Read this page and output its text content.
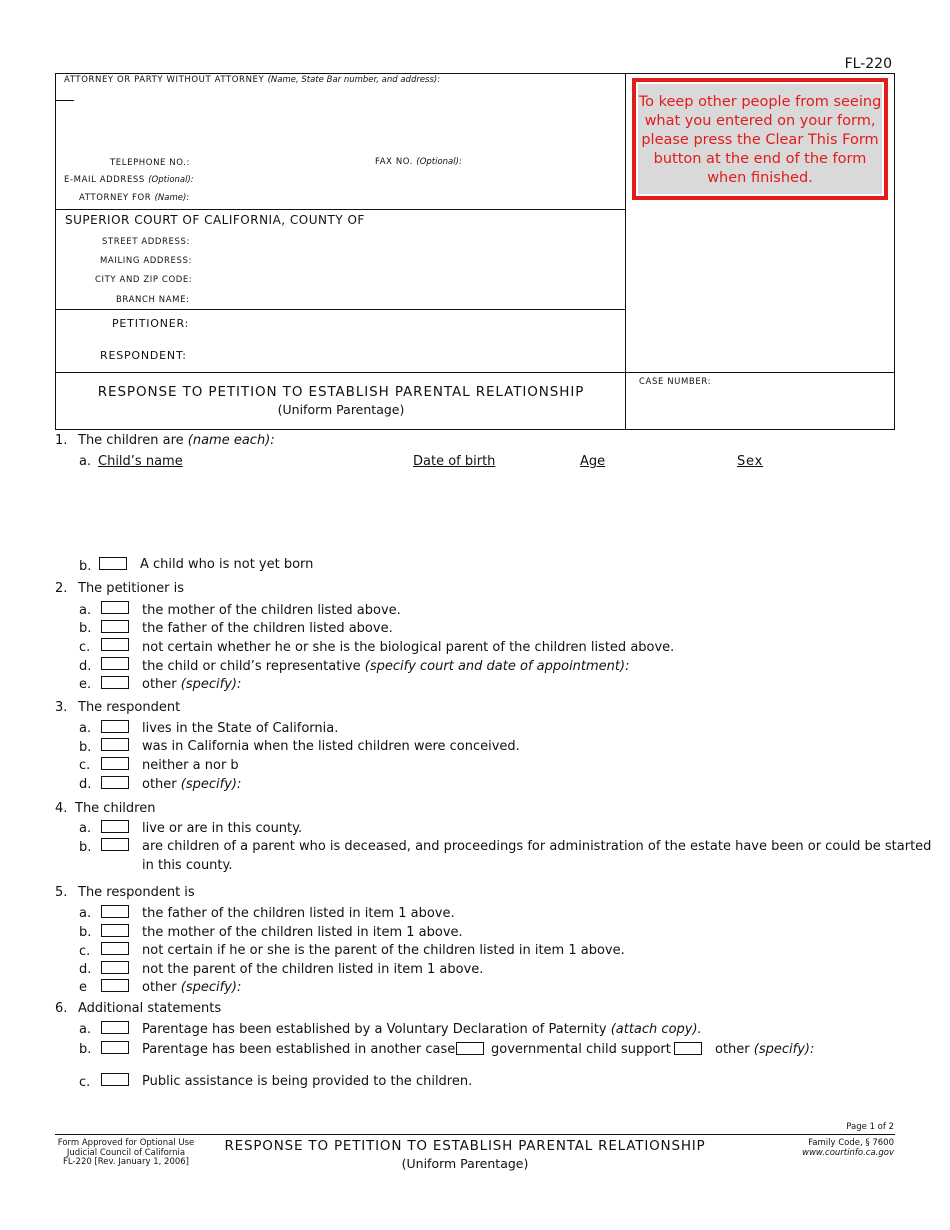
FL-220
ATTORNEY OR PARTY WITHOUT ATTORNEY (Name, State Bar number, and address):
TELEPHONE NO.:	FAX NO. (Optional):
E-MAIL ADDRESS (Optional):
ATTORNEY FOR (Name):
SUPERIOR COURT OF CALIFORNIA, COUNTY OF
STREET ADDRESS:
MAILING ADDRESS:
CITY AND ZIP CODE:
BRANCH NAME:
PETITIONER:
RESPONDENT:
RESPONSE TO PETITION TO ESTABLISH PARENTAL RELATIONSHIP
(Uniform Parentage)
CASE NUMBER:
To keep other people from seeing what you entered on your form, please press the Clear This Form button at the end of the form when finished.
1. The children are (name each):
a. Child’s name	Date of birth	Age	Sex
b.	A child who is not yet born
2. The petitioner is
a.	the mother of the children listed above.
b.	the father of the children listed above.
c.	not certain whether he or she is the biological parent of the children listed above.
d.	the child or child’s representative (specify court and date of appointment):
e.	other (specify):
3. The respondent
a.	lives in the State of California.
b.	was in California when the listed children were conceived.
c.	neither a nor b
d.	other (specify):
4. The children
a.	live or are in this county.
b.	are children of a parent who is deceased, and proceedings for administration of the estate have been or could be started
in this county.
5. The respondent is
a.	the father of the children listed in item 1 above.
b.	the mother of the children listed in item 1 above.
c.	not certain if he or she is the parent of the children listed in item 1 above.
d.	not the parent of the children listed in item 1 above.
e	other (specify):
6. Additional statements
a.	Parentage has been established by a Voluntary Declaration of Paternity (attach copy).
b.	Parentage has been established in another case	governmental child support	other (specify):
c.	Public assistance is being provided to the children.
Page 1 of 2
Form Approved for Optional Use
Judicial Council of California
FL-220 [Rev. January 1, 2006]
RESPONSE TO PETITION TO ESTABLISH PARENTAL RELATIONSHIP
(Uniform Parentage)
Family Code, § 7600
www.courtinfo.ca.gov
